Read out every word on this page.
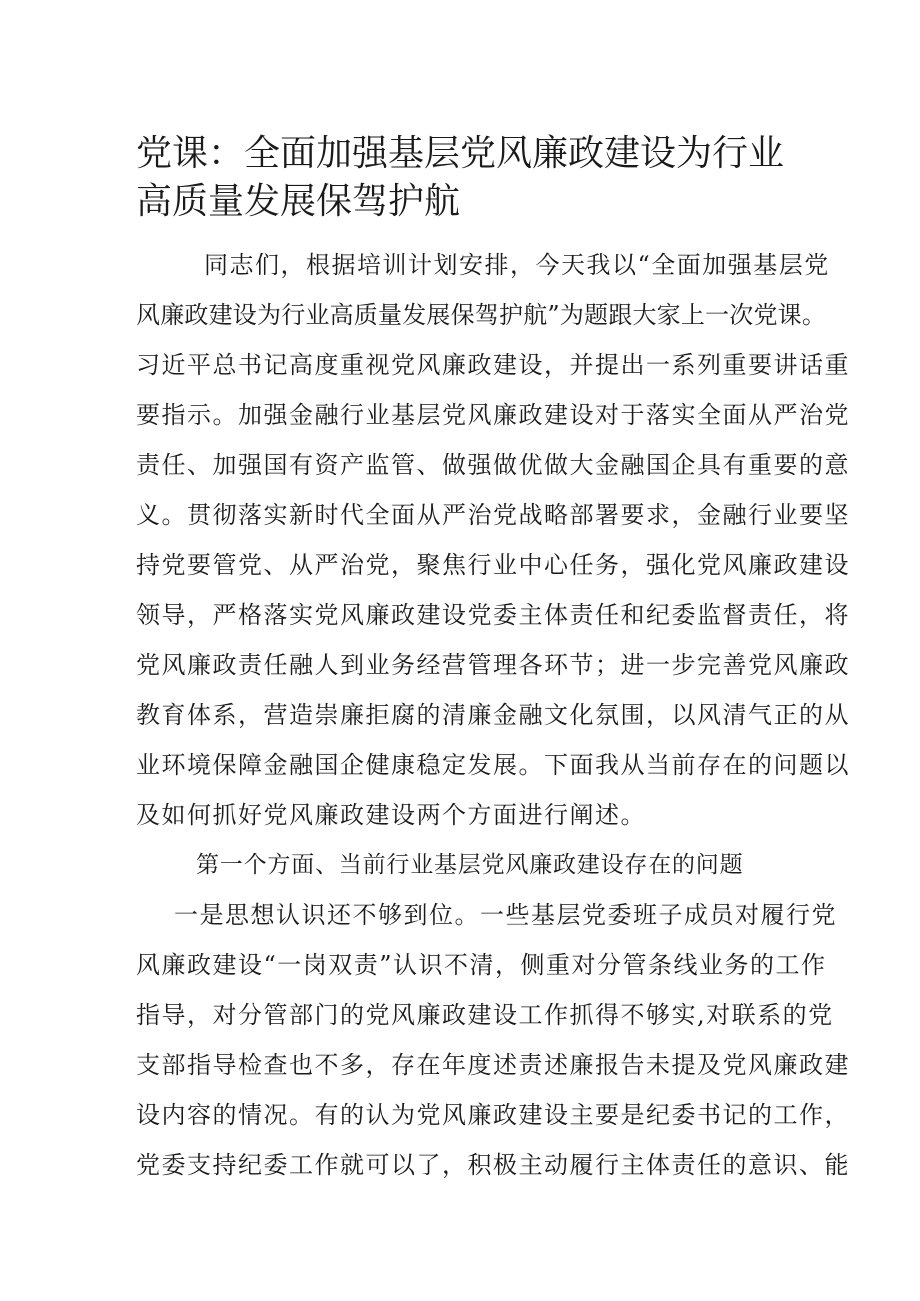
党课：全面加强基层党风廉政建设为行业高质量发展保驾护航
同志们，根据培训计划安排，今天我以“全面加强基层党
风廉政建设为行业高质量发展保驾护航”为题跟大家上一次党课。
习近平总书记高度重视党风廉政建设，并提出一系列重要讲话重
要指示。加强金融行业基层党风廉政建设对于落实全面从严治党
责任、加强国有资产监管、做强做优做大金融国企具有重要的意
义。贯彻落实新时代全面从严治党战略部署要求，金融行业要坚
持党要管党、从严治党，聚焦行业中心任务，强化党风廉政建设
领导，严格落实党风廉政建设党委主体责任和纪委监督责任，将
党风廉政责任融人到业务经营管理各环节；进一步完善党风廉政
教育体系，营造崇廉拒腐的清廉金融文化氛围，以风清气正的从
业环境保障金融国企健康稳定发展。下面我从当前存在的问题以
及如何抓好党风廉政建设两个方面进行阐述。
第一个方面、当前行业基层党风廉政建设存在的问题
一是思想认识还不够到位。一些基层党委班子成员对履行党
风廉政建设“一岗双责”认识不清，侧重对分管条线业务的工作
指导，对分管部门的党风廉政建设工作抓得不够实,对联系的党
支部指导检查也不多，存在年度述责述廉报告未提及党风廉政建
设内容的情况。有的认为党风廉政建设主要是纪委书记的工作，
党委支持纪委工作就可以了，积极主动履行主体责任的意识、能
